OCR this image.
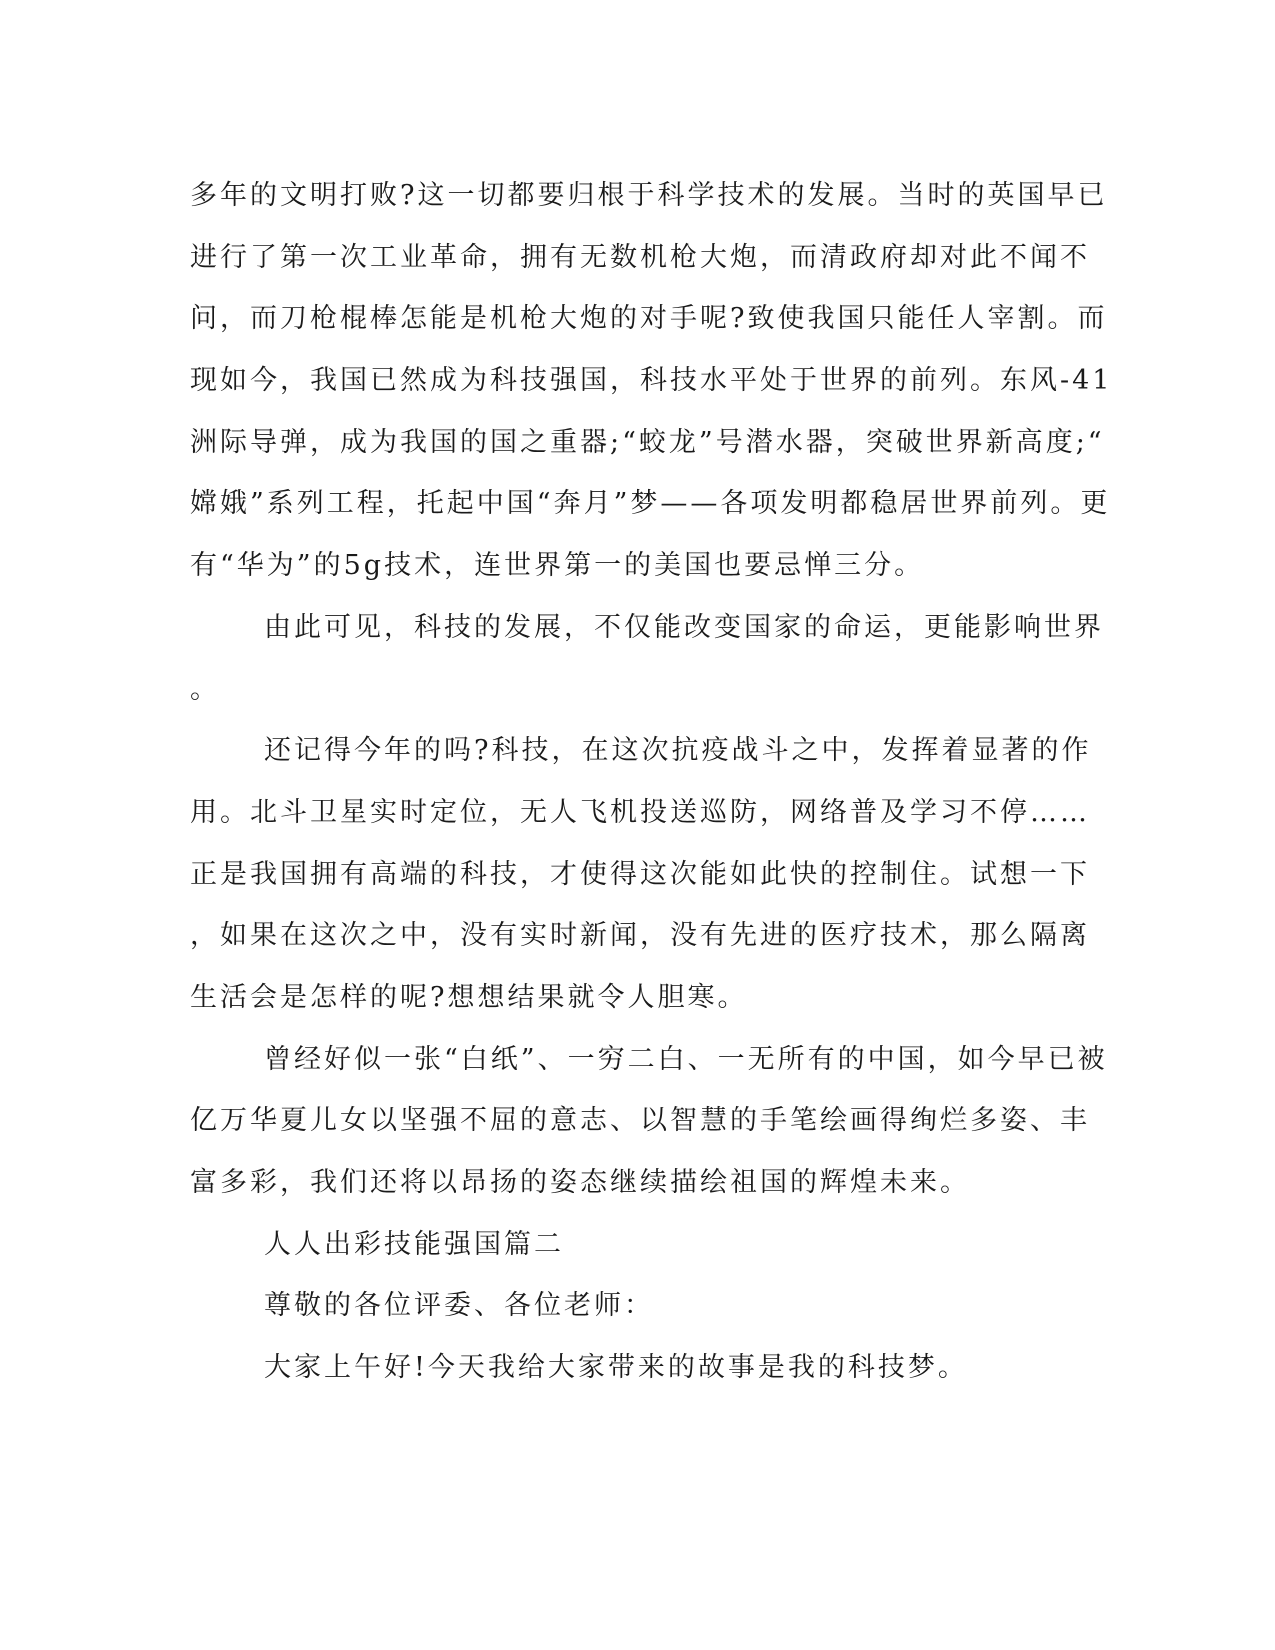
多年的文明打败?这一切都要归根于科学技术的发展。当时的英国早已
进行了第一次工业革命，拥有无数机枪大炮，而清政府却对此不闻不
问，而刀枪棍棒怎能是机枪大炮的对手呢?致使我国只能任人宰割。而
现如今，我国已然成为科技强国，科技水平处于世界的前列。东风-41
洲际导弹，成为我国的国之重器;“蛟龙”号潜水器，突破世界新高度;“
嫦娥”系列工程，托起中国“奔月”梦——各项发明都稳居世界前列。更
有“华为”的5g技术，连世界第一的美国也要忌惮三分。
由此可见，科技的发展，不仅能改变国家的命运，更能影响世界
。
还记得今年的吗?科技，在这次抗疫战斗之中，发挥着显著的作
用。北斗卫星实时定位，无人飞机投送巡防，网络普及学习不停……
正是我国拥有高端的科技，才使得这次能如此快的控制住。试想一下
，如果在这次之中，没有实时新闻，没有先进的医疗技术，那么隔离
生活会是怎样的呢?想想结果就令人胆寒。
曾经好似一张“白纸”、一穷二白、一无所有的中国，如今早已被
亿万华夏儿女以坚强不屈的意志、以智慧的手笔绘画得绚烂多姿、丰
富多彩，我们还将以昂扬的姿态继续描绘祖国的辉煌未来。
人人出彩技能强国篇二
尊敬的各位评委、各位老师：
大家上午好!今天我给大家带来的故事是我的科技梦。
